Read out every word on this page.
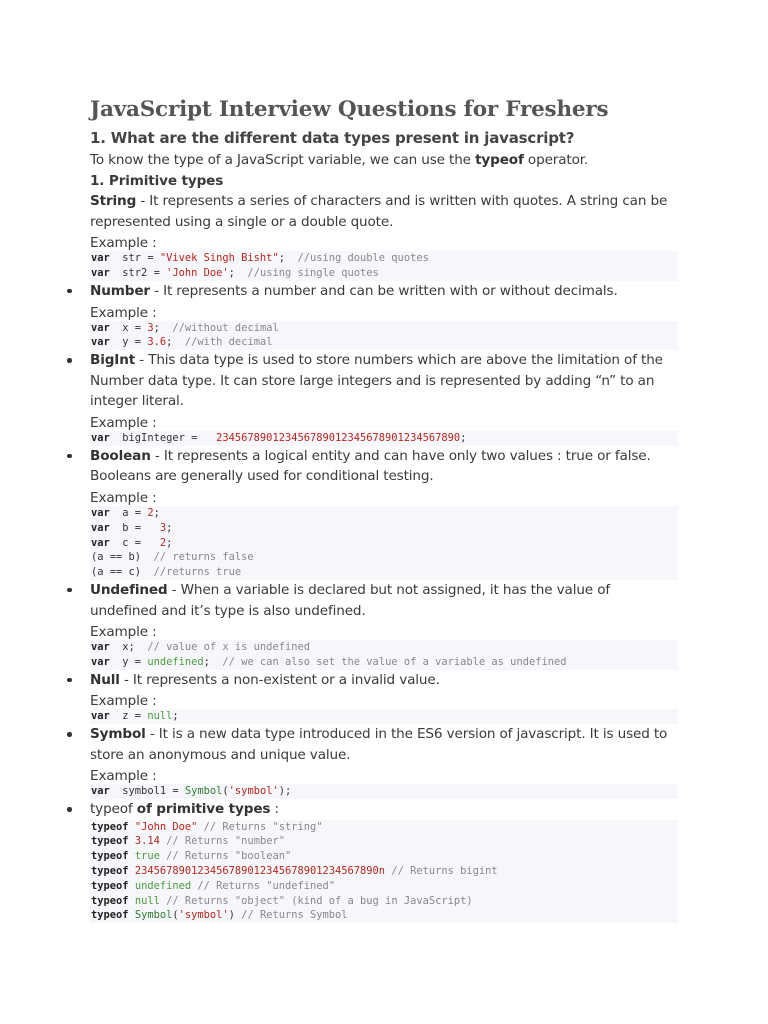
JavaScript Interview Questions for Freshers
1. What are the different data types present in javascript?

To know the type of a JavaScript variable, we can use the typeof operator.

1. Primitive types

String - It represents a series of characters and is written with quotes. A string can be represented using a single or a double quote.

Example :

var  str = "Vivek Singh Bisht";  //using double quotes
var  str2 = 'John Doe';  //using single quotes

Number - It represents a number and can be written with or without decimals.

Example :

var  x = 3;  //without decimal
var  y = 3.6;  //with decimal

BigInt - This data type is used to store numbers which are above the limitation of the Number data type. It can store large integers and is represented by adding “n” to an integer literal.

Example :

var  bigInteger =   234567890123456789012345678901234567890;

Boolean - It represents a logical entity and can have only two values : true or false. Booleans are generally used for conditional testing.

Example :

var  a = 2;
var  b =   3;
var  c =   2;
(a == b)  // returns false
(a == c)  //returns true

Undefined - When a variable is declared but not assigned, it has the value of undefined and it’s type is also undefined.

Example :

var  x;  // value of x is undefined
var  y = undefined;  // we can also set the value of a variable as undefined

Null - It represents a non-existent or a invalid value.

Example :

var  z = null;

Symbol - It is a new data type introduced in the ES6 version of javascript. It is used to store an anonymous and unique value.

Example :

var  symbol1 = Symbol('symbol');

typeof of primitive types :

typeof "John Doe" // Returns "string"
typeof 3.14 // Returns "number"
typeof true // Returns "boolean"
typeof 234567890123456789012345678901234567890n // Returns bigint
typeof undefined // Returns "undefined"
typeof null // Returns "object" (kind of a bug in JavaScript)
typeof Symbol('symbol') // Returns Symbol
